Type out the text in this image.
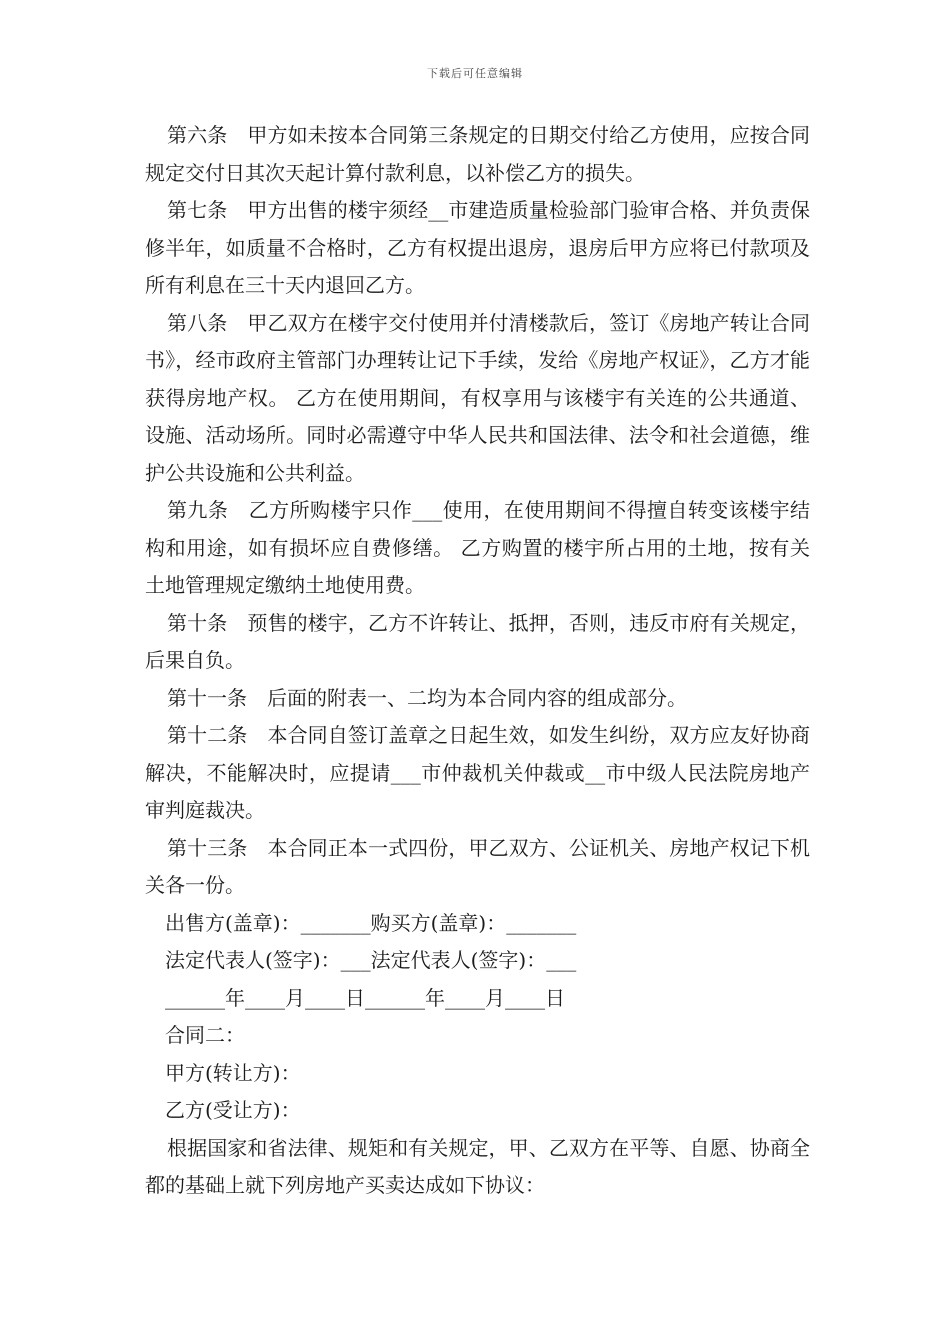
下载后可任意编辑

第六条　甲方如未按本合同第三条规定的日期交付给乙方使用，应按合同规定交付日其次天起计算付款利息，以补偿乙方的损失。

第七条　甲方出售的楼宇须经__市建造质量检验部门验审合格、并负责保修半年，如质量不合格时，乙方有权提出退房，退房后甲方应将已付款项及所有利息在三十天内退回乙方。

第八条　甲乙双方在楼宇交付使用并付清楼款后，签订《房地产转让合同书》，经市政府主管部门办理转让记下手续，发给《房地产权证》，乙方才能获得房地产权。 乙方在使用期间，有权享用与该楼宇有关连的公共通道、设施、活动场所。同时必需遵守中华人民共和国法律、法令和社会道德，维护公共设施和公共利益。

第九条　乙方所购楼宇只作___使用，在使用期间不得擅自转变该楼宇结构和用途，如有损坏应自费修缮。 乙方购置的楼宇所占用的土地，按有关土地管理规定缴纳土地使用费。

第十条　预售的楼宇，乙方不许转让、抵押，否则，违反市府有关规定，后果自负。

第十一条　后面的附表一、二均为本合同内容的组成部分。

第十二条　本合同自签订盖章之日起生效，如发生纠纷，双方应友好协商解决，不能解决时，应提请___市仲裁机关仲裁或__市中级人民法院房地产审判庭裁决。

第十三条　本合同正本一式四份，甲乙双方、公证机关、房地产权记下机关各一份。

出售方(盖章)：_______购买方(盖章)：_______

法定代表人(签字)：___法定代表人(签字)：___

______年____月____日______年____月____日

合同二：

甲方(转让方)：

乙方(受让方)：

根据国家和省法律、规矩和有关规定，甲、乙双方在平等、自愿、协商全都的基础上就下列房地产买卖达成如下协议：
